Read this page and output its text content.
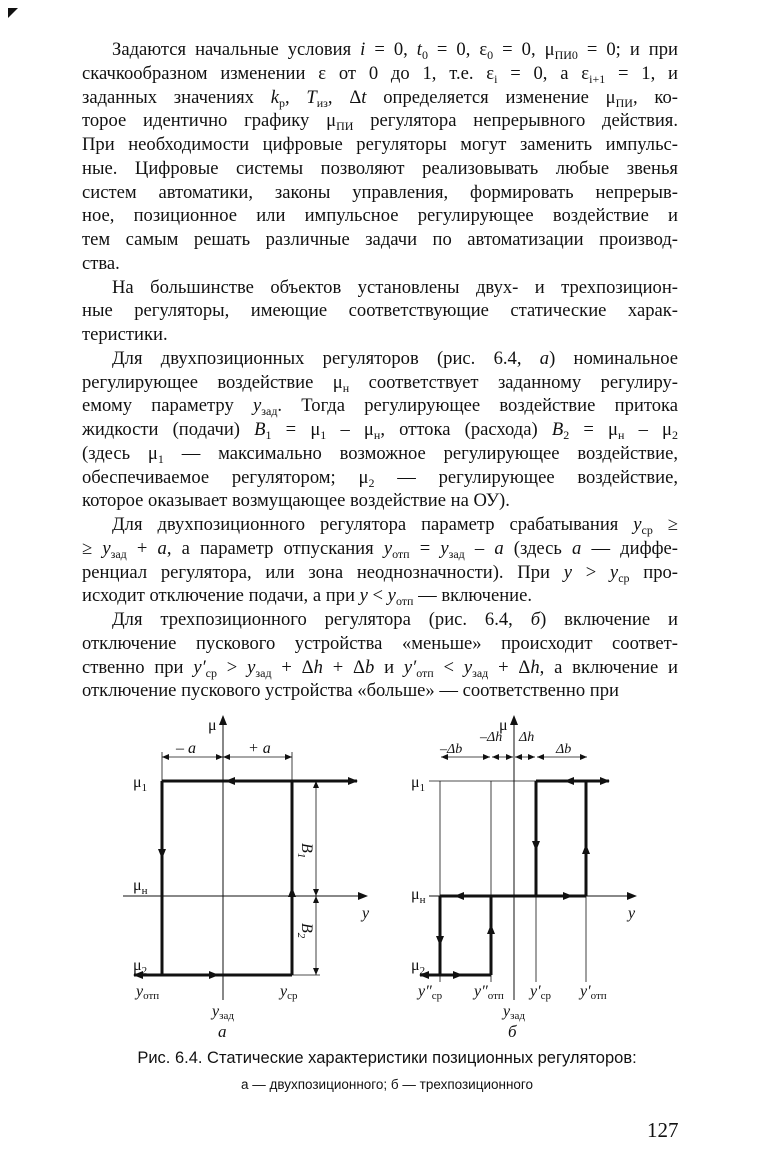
Задаются начальные условия i = 0, $t_0 = 0$, $\varepsilon_0 = 0$, $\mu_{ПИ0} = 0$; и при
скачкообразном изменении ε от 0 до 1, т.е. $\varepsilon_i = 0$, а $\varepsilon_{i+1} = 1$, и
заданных значениях $k_р$, $T_{из}$, Δt определяется изменение $\mu_{ПИ}$, ко-
торое идентично графику $\mu_{ПИ}$ регулятора непрерывного действия.
При необходимости цифровые регуляторы могут заменить импульс-
ные. Цифровые системы позволяют реализовывать любые звенья
систем автоматики, законы управления, формировать непрерыв-
ное, позиционное или импульсное регулирующее воздействие и
тем самым решать различные задачи по автоматизации производ-
ства.
На большинстве объектов установлены двух- и трехпозицион-
ные регуляторы, имеющие соответствующие статические харак-
теристики.
Для двухпозиционных регуляторов (рис. 6.4, а) номинальное
регулирующее воздействие $\mu_н$ соответствует заданному регулиру-
емому параметру $y_{зад}$. Тогда регулирующее воздействие притока
жидкости (подачи) $B_1 = \mu_1 - \mu_н$, оттока (расхода) $B_2 = \mu_н - \mu_2$
(здесь $\mu_1$ — максимально возможное регулирующее воздействие,
обеспечиваемое регулятором; $\mu_2$ — регулирующее воздействие,
которое оказывает возмущающее воздействие на ОУ).
Для двухпозиционного регулятора параметр срабатывания $y_{ср}$ ≥
≥ $y_{зад} + a$, а параметр отпускания $y_{отп} = y_{зад} - a$ (здесь a — диффе-
ренциал регулятора, или зона неоднозначности). При $y > y_{ср}$ про-
исходит отключение подачи, а при $y < y_{отп}$ — включение.
Для трехпозиционного регулятора (рис. 6.4, б) включение и
отключение пускового устройства «меньше» происходит соответ-
ственно при $y'_{ср} > y_{зад} + \Delta h + \Delta b$ и $y'_{отп} < y_{зад} + \Delta h$, а включение и
отключение пускового устройства «больше» — соответственно при
μ
$\mu_1$
$\mu_н$
$\mu_2$
– a	+ a
$B_1$
$B_2$
y
yотп	yср
yзад
а
μ
$\mu_1$
$\mu_н$
$\mu_2$
–Δb
–Δh Δh
Δb
y
y″ср y″отп y′ср y′отп
yзад
б
Рис. 6.4. Статические характеристики позиционных регуляторов:
а — двухпозиционного; б — трехпозиционного
127
